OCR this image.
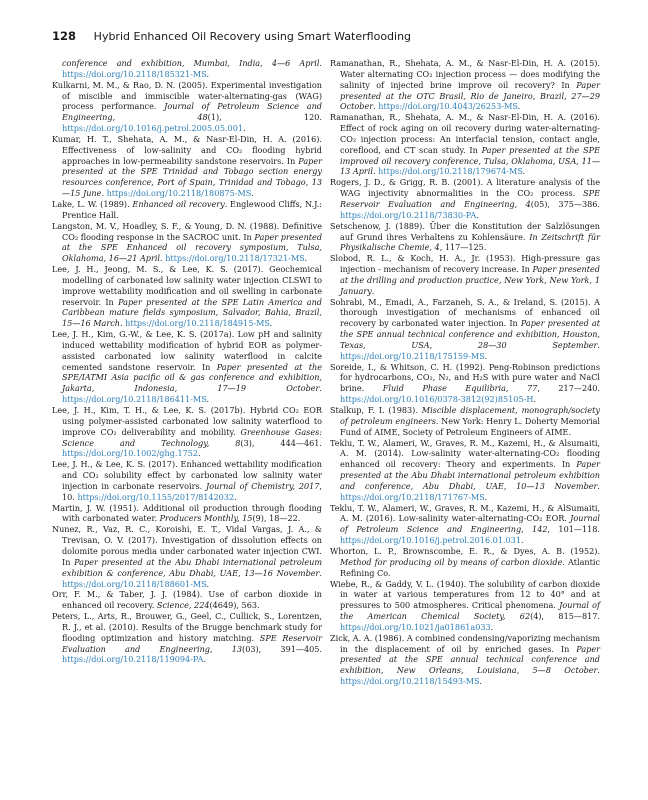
128 Hybrid Enhanced Oil Recovery using Smart Waterflooding

conference and exhibition, Mumbai, India, 4—6 April. https://doi.org/10.2118/185321-MS.

Kulkarni, M. M., & Rao, D. N. (2005). Experimental investigation of miscible and immiscible water-alternating-gas (WAG) process performance. Journal of Petroleum Science and Engineering, 48(1), 120. https://doi.org/10.1016/j.petrol.2005.05.001.

Kumar, H. T., Shehata, A. M., & Nasr-El-Din, H. A. (2016). Effectiveness of low-salinity and CO₂ flooding hybrid approaches in low-permeability sandstone reservoirs. In Paper presented at the SPE Trinidad and Tobago section energy resources conference, Port of Spain, Trinidad and Tobago, 13—15 June. https://doi.org/10.2118/180875-MS.

Lake, L. W. (1989). Enhanced oil recovery. Englewood Cliffs, N.J.: Prentice Hall.

Langston, M. V., Hoadley, S. F., & Young, D. N. (1988). Definitive CO₂ flooding response in the SACROC unit. In Paper presented at the SPE Enhanced oil recovery symposium, Tulsa, Oklahoma, 16—21 April. https://doi.org/10.2118/17321-MS.

Lee, J. H., Jeong, M. S., & Lee, K. S. (2017). Geochemical modelling of carbonated low salinity water injection CLSWI to improve wettability modification and oil swelling in carbonate reservoir. In Paper presented at the SPE Latin America and Caribbean mature fields symposium, Salvador, Bahia, Brazil, 15—16 March. https://doi.org/10.2118/184915-MS.

Lee, J. H., Kim, G.-W., & Lee, K. S. (2017a). Low pH and salinity induced wettability modification of hybrid EOR as polymer-assisted carbonated low salinity waterflood in calcite cemented sandstone reservoir. In Paper presented at the SPE/IATMI Asia pacific oil & gas conference and exhibition, Jakarta, Indonesia, 17—19 October. https://doi.org/10.2118/186411-MS.

Lee, J. H., Kim, T. H., & Lee, K. S. (2017b). Hybrid CO₂ EOR using polymer-assisted carbonated low salinity waterflood to improve CO₂ deliverability and mobility. Greenhouse Gases: Science and Technology, 8(3), 444—461. https://doi.org/10.1002/ghg.1752.

Lee, J. H., & Lee, K. S. (2017). Enhanced wettability modification and CO₂ solubility effect by carbonated low salinity water injection in carbonate reservoirs. Journal of Chemistry, 2017, 10. https://doi.org/10.1155/2017/8142032.

Martin, J. W. (1951). Additional oil production through flooding with carbonated water. Producers Monthly, 15(9), 18—22.

Nunez, R., Vaz, R. C., Koroishi, E. T., Vidal Vargas, J. A., & Trevisan, O. V. (2017). Investigation of dissolution effects on dolomite porous media under carbonated water injection CWI. In Paper presented at the Abu Dhabi international petroleum exhibition & conference, Abu Dhabi, UAE, 13—16 November. https://doi.org/10.2118/188601-MS.

Orr, F. M., & Taber, J. J. (1984). Use of carbon dioxide in enhanced oil recovery. Science, 224(4649), 563.

Peters, L., Arts, R., Brouwer, G., Geel, C., Cullick, S., Lorentzen, R. J., et al. (2010). Results of the Brugge benchmark study for flooding optimization and history matching. SPE Reservoir Evaluation and Engineering, 13(03), 391—405. https://doi.org/10.2118/119094-PA.

Ramanathan, R., Shehata, A. M., & Nasr-El-Din, H. A. (2015). Water alternating CO₂ injection process — does modifying the salinity of injected brine improve oil recovery? In Paper presented at the OTC Brasil, Rio de Janeiro, Brazil, 27—29 October. https://doi.org/10.4043/26253-MS.

Ramanathan, R., Shehata, A. M., & Nasr-El-Din, H. A. (2016). Effect of rock aging on oil recovery during water-alternating-CO₂ injection process: An interfacial tension, contact angle, coreflood, and CT scan study. In Paper presented at the SPE improved oil recovery conference, Tulsa, Oklahoma, USA, 11—13 April. https://doi.org/10.2118/179674-MS.

Rogers, J. D., & Grigg, R. B. (2001). A literature analysis of the WAG injectivity abnormalities in the CO₂ process. SPE Reservoir Evaluation and Engineering, 4(05), 375—386. https://doi.org/10.2118/73830-PA.

Setschenow, J. (1889). Über die Konstitution der Salzlösungen auf Grund ihres Verhaltens zu Kohlensäure. In Zeitschrift für Physikalische Chemie, 4, 117—125.

Slobod, R. L., & Koch, H. A., Jr. (1953). High-pressure gas injection - mechanism of recovery increase. In Paper presented at the drilling and production practice, New York, New York, 1 January.

Sohrabi, M., Emadi, A., Farzaneh, S. A., & Ireland, S. (2015). A thorough investigation of mechanisms of enhanced oil recovery by carbonated water injection. In Paper presented at the SPE annual technical conference and exhibition, Houston, Texas, USA, 28—30 September. https://doi.org/10.2118/175159-MS.

Soreide, I., & Whitson, C. H. (1992). Peng-Robinson predictions for hydrocarbons, CO₂, N₂, and H₂S with pure water and NaCl brine. Fluid Phase Equilibria, 77, 217—240. https://doi.org/10.1016/0378-3812(92)85105-H.

Stalkup, F. I. (1983). Miscible displacement, monograph/society of petroleum engineers. New York: Henry L. Doherty Memorial Fund of AIME, Society of Petroleum Engineers of AIME.

Teklu, T. W., Alameri, W., Graves, R. M., Kazemi, H., & Alsumaiti, A. M. (2014). Low-salinity water-alternating-CO₂ flooding enhanced oil recovery: Theory and experiments. In Paper presented at the Abu Dhabi international petroleum exhibition and conference, Abu Dhabi, UAE, 10—13 November. https://doi.org/10.2118/171767-MS.

Teklu, T. W., Alameri, W., Graves, R. M., Kazemi, H., & AlSumaiti, A. M. (2016). Low-salinity water-alternating-CO₂ EOR. Journal of Petroleum Science and Engineering, 142, 101—118. https://doi.org/10.1016/j.petrol.2016.01.031.

Whorton, L. P., Brownscombe, E. R., & Dyes, A. B. (1952). Method for producing oil by means of carbon dioxide. Atlantic Refining Co.

Wiebe, R., & Gaddy, V. L. (1940). The solubility of carbon dioxide in water at various temperatures from 12 to 40° and at pressures to 500 atmospheres. Critical phenomena. Journal of the American Chemical Society, 62(4), 815—817. https://doi.org/10.1021/ja01861a033.

Zick, A. A. (1986). A combined condensing/vaporizing mechanism in the displacement of oil by enriched gases. In Paper presented at the SPE annual technical conference and exhibition, New Orleans, Louisiana, 5—8 October. https://doi.org/10.2118/15493-MS.
